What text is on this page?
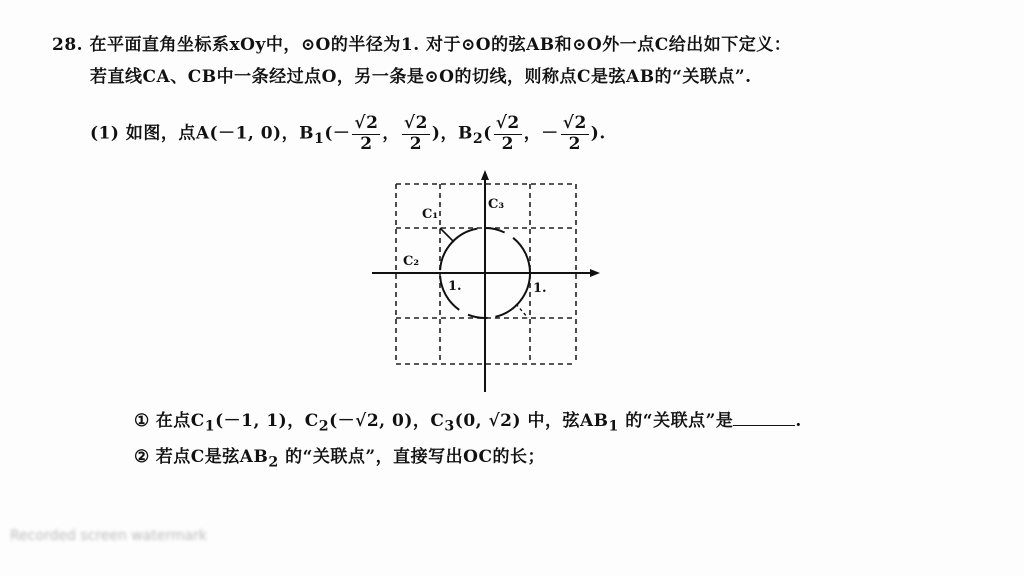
28. 在平面直角坐标系xOy中，⊙O的半径为1. 对于⊙O的弦AB和⊙O外一点C给出如下定义：
若直线CA、CB中一条经过点O，另一条是⊙O的切线，则称点C是弦AB的“关联点”.
(1) 如图，点A(－1, 0)，$B_1(- \frac{√2}{2}$ ， $\frac{√2}{2}$ )，$B_2( \frac{√2}{2}$ ，－ $\frac{√2}{2}$ ).
C₁
C₂
C₃
1.	1.
① 在点$C_1(-1$, 1)，$C_2(-√2$, 0)，$C_3(0$, √2) 中，弦$AB_1$ 的“关联点”是	.
② 若点C是弦$AB_2$ 的“关联点”，直接写出OC的长；
Recorded screen watermark
